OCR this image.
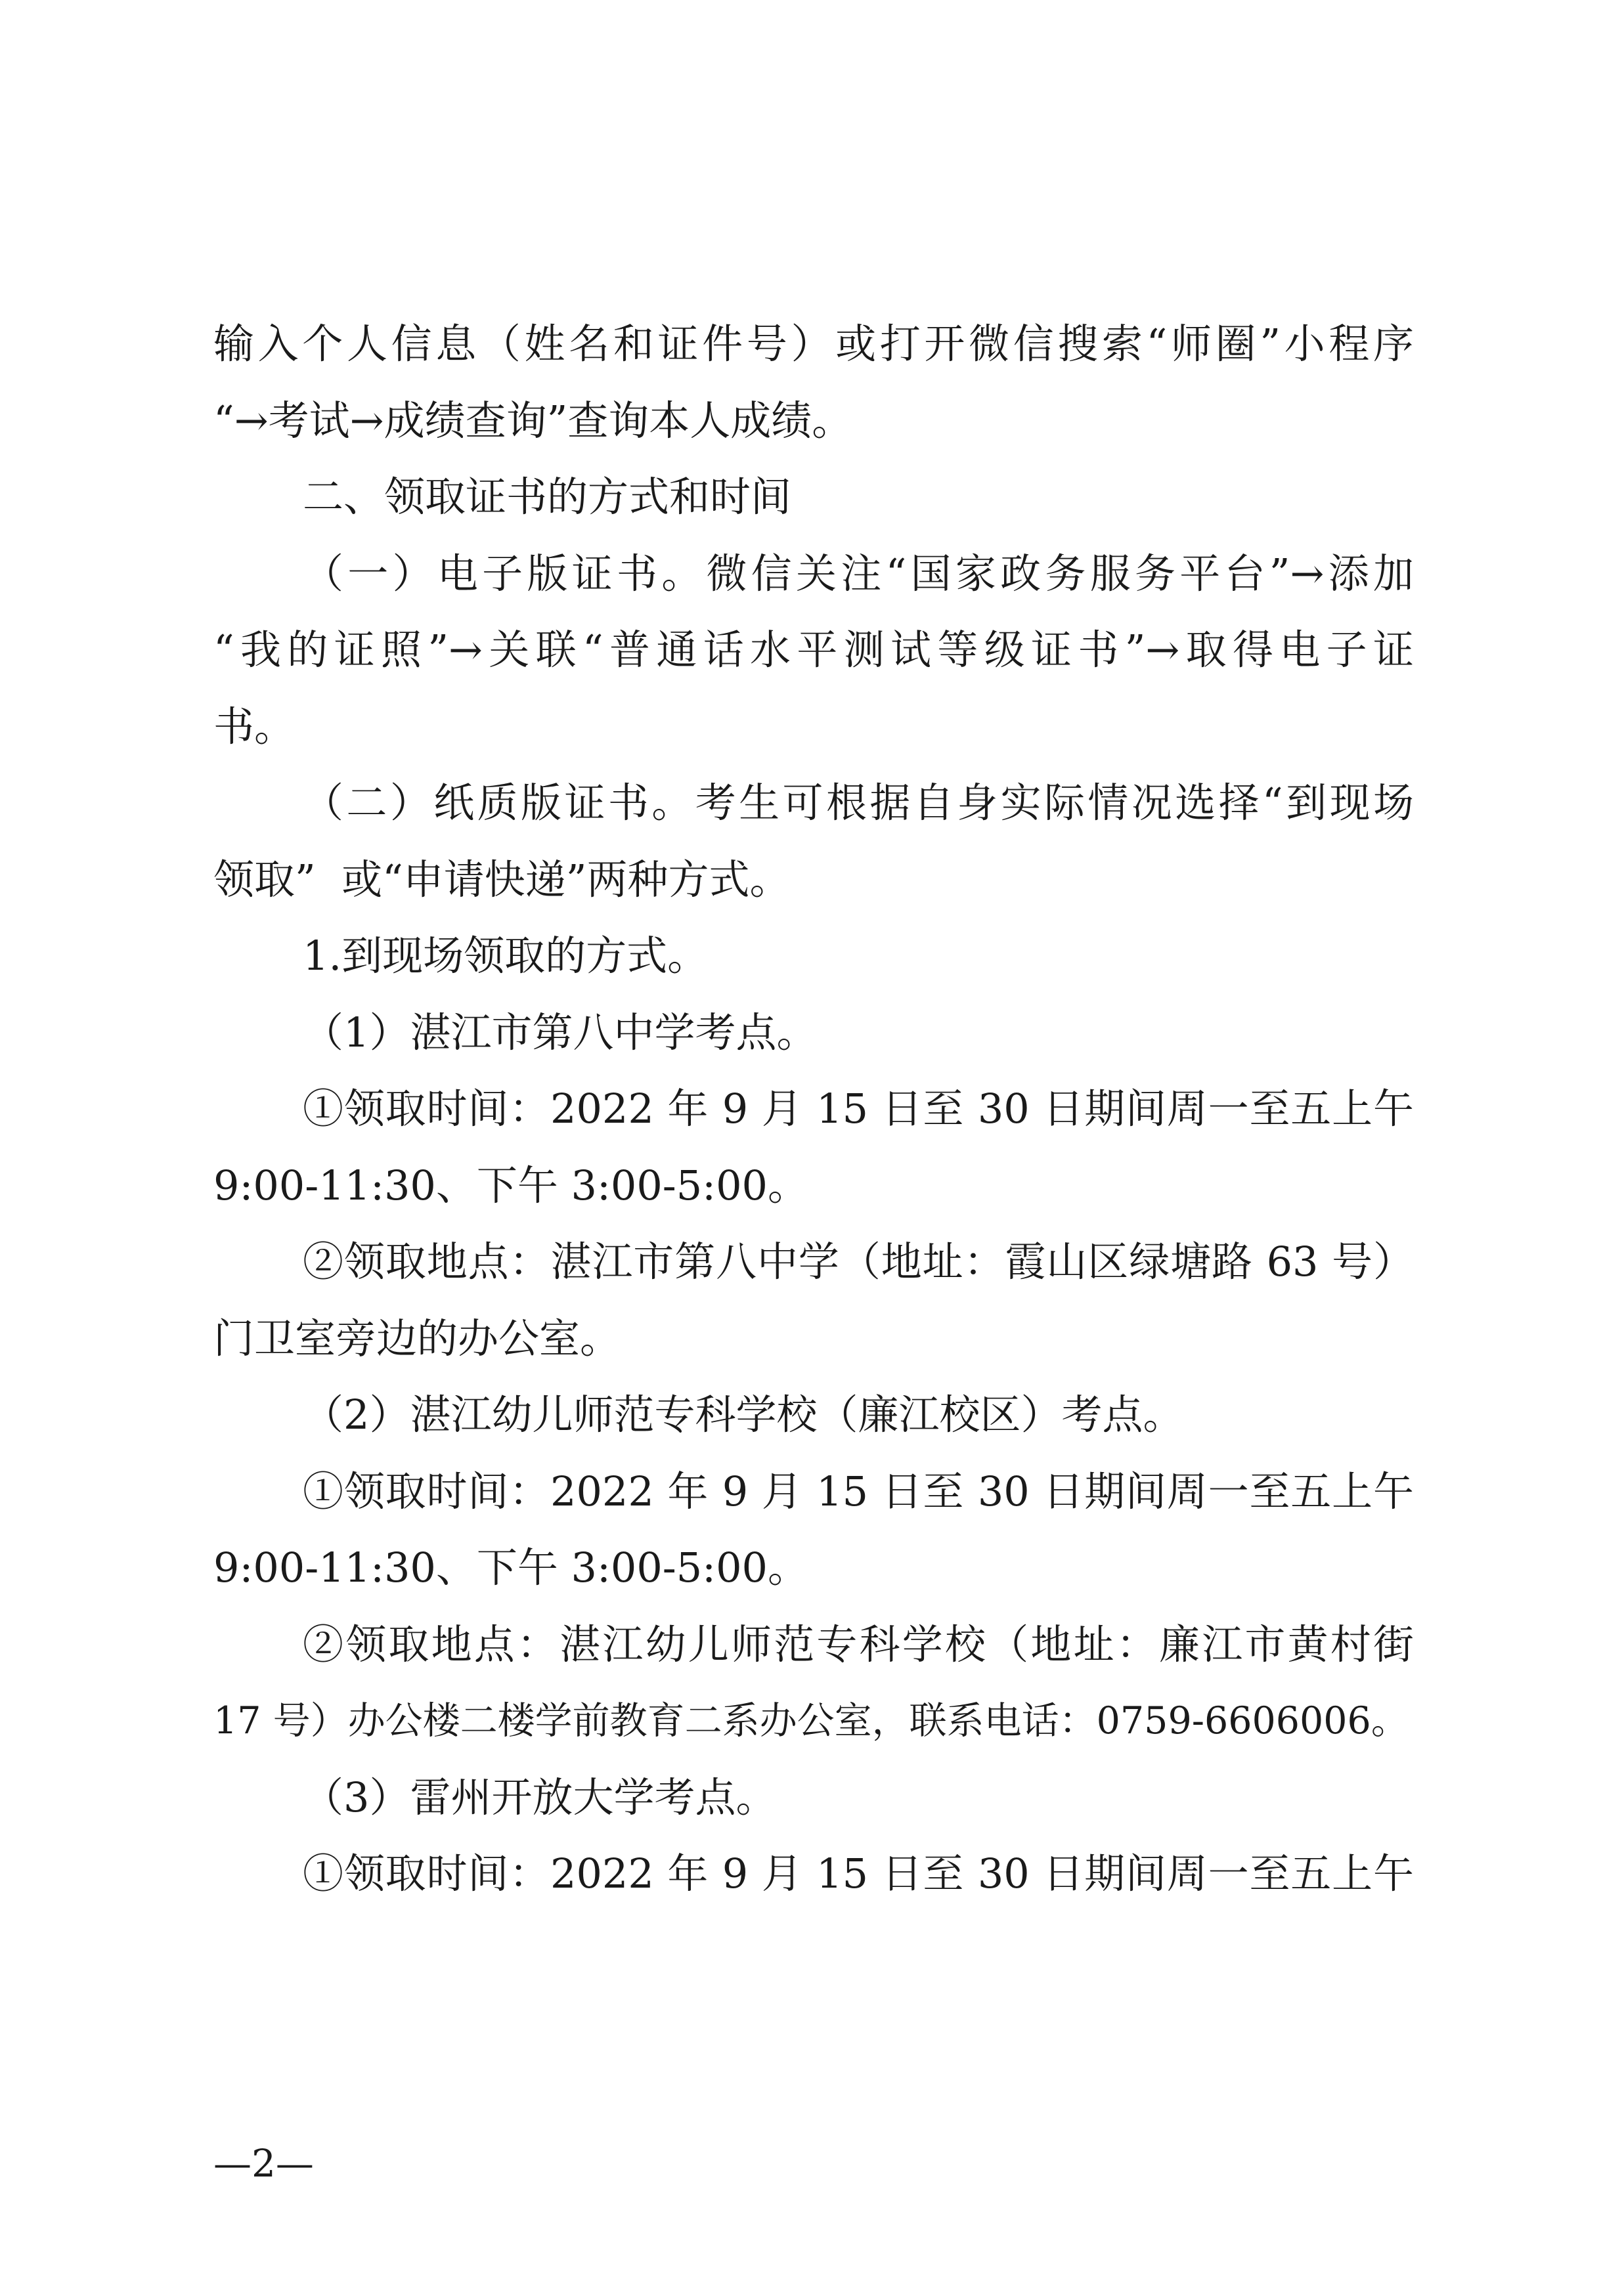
输入个人信息（姓名和证件号）或打开微信搜索“师圈”小程序
“→考试→成绩查询”查询本人成绩。
二、领取证书的方式和时间
（一）电子版证书。微信关注“国家政务服务平台”→添加
“我的证照”→关联“普通话水平测试等级证书”→取得电子证
书。
（二）纸质版证书。考生可根据自身实际情况选择“到现场
领取”  或“申请快递”两种方式。
1.到现场领取的方式。
（1）湛江市第八中学考点。
①领取时间：2022 年 9 月 15 日至 30 日期间周一至五上午
9:00-11:30、下午 3:00-5:00。
②领取地点：湛江市第八中学（地址：霞山区绿塘路 63 号）
门卫室旁边的办公室。
（2）湛江幼儿师范专科学校（廉江校区）考点。
①领取时间：2022 年 9 月 15 日至 30 日期间周一至五上午
9:00-11:30、下午 3:00-5:00。
②领取地点：湛江幼儿师范专科学校（地址：廉江市黄村街
17 号）办公楼二楼学前教育二系办公室，联系电话：0759-6606006。
（3）雷州开放大学考点。
①领取时间：2022 年 9 月 15 日至 30 日期间周一至五上午
—2—
